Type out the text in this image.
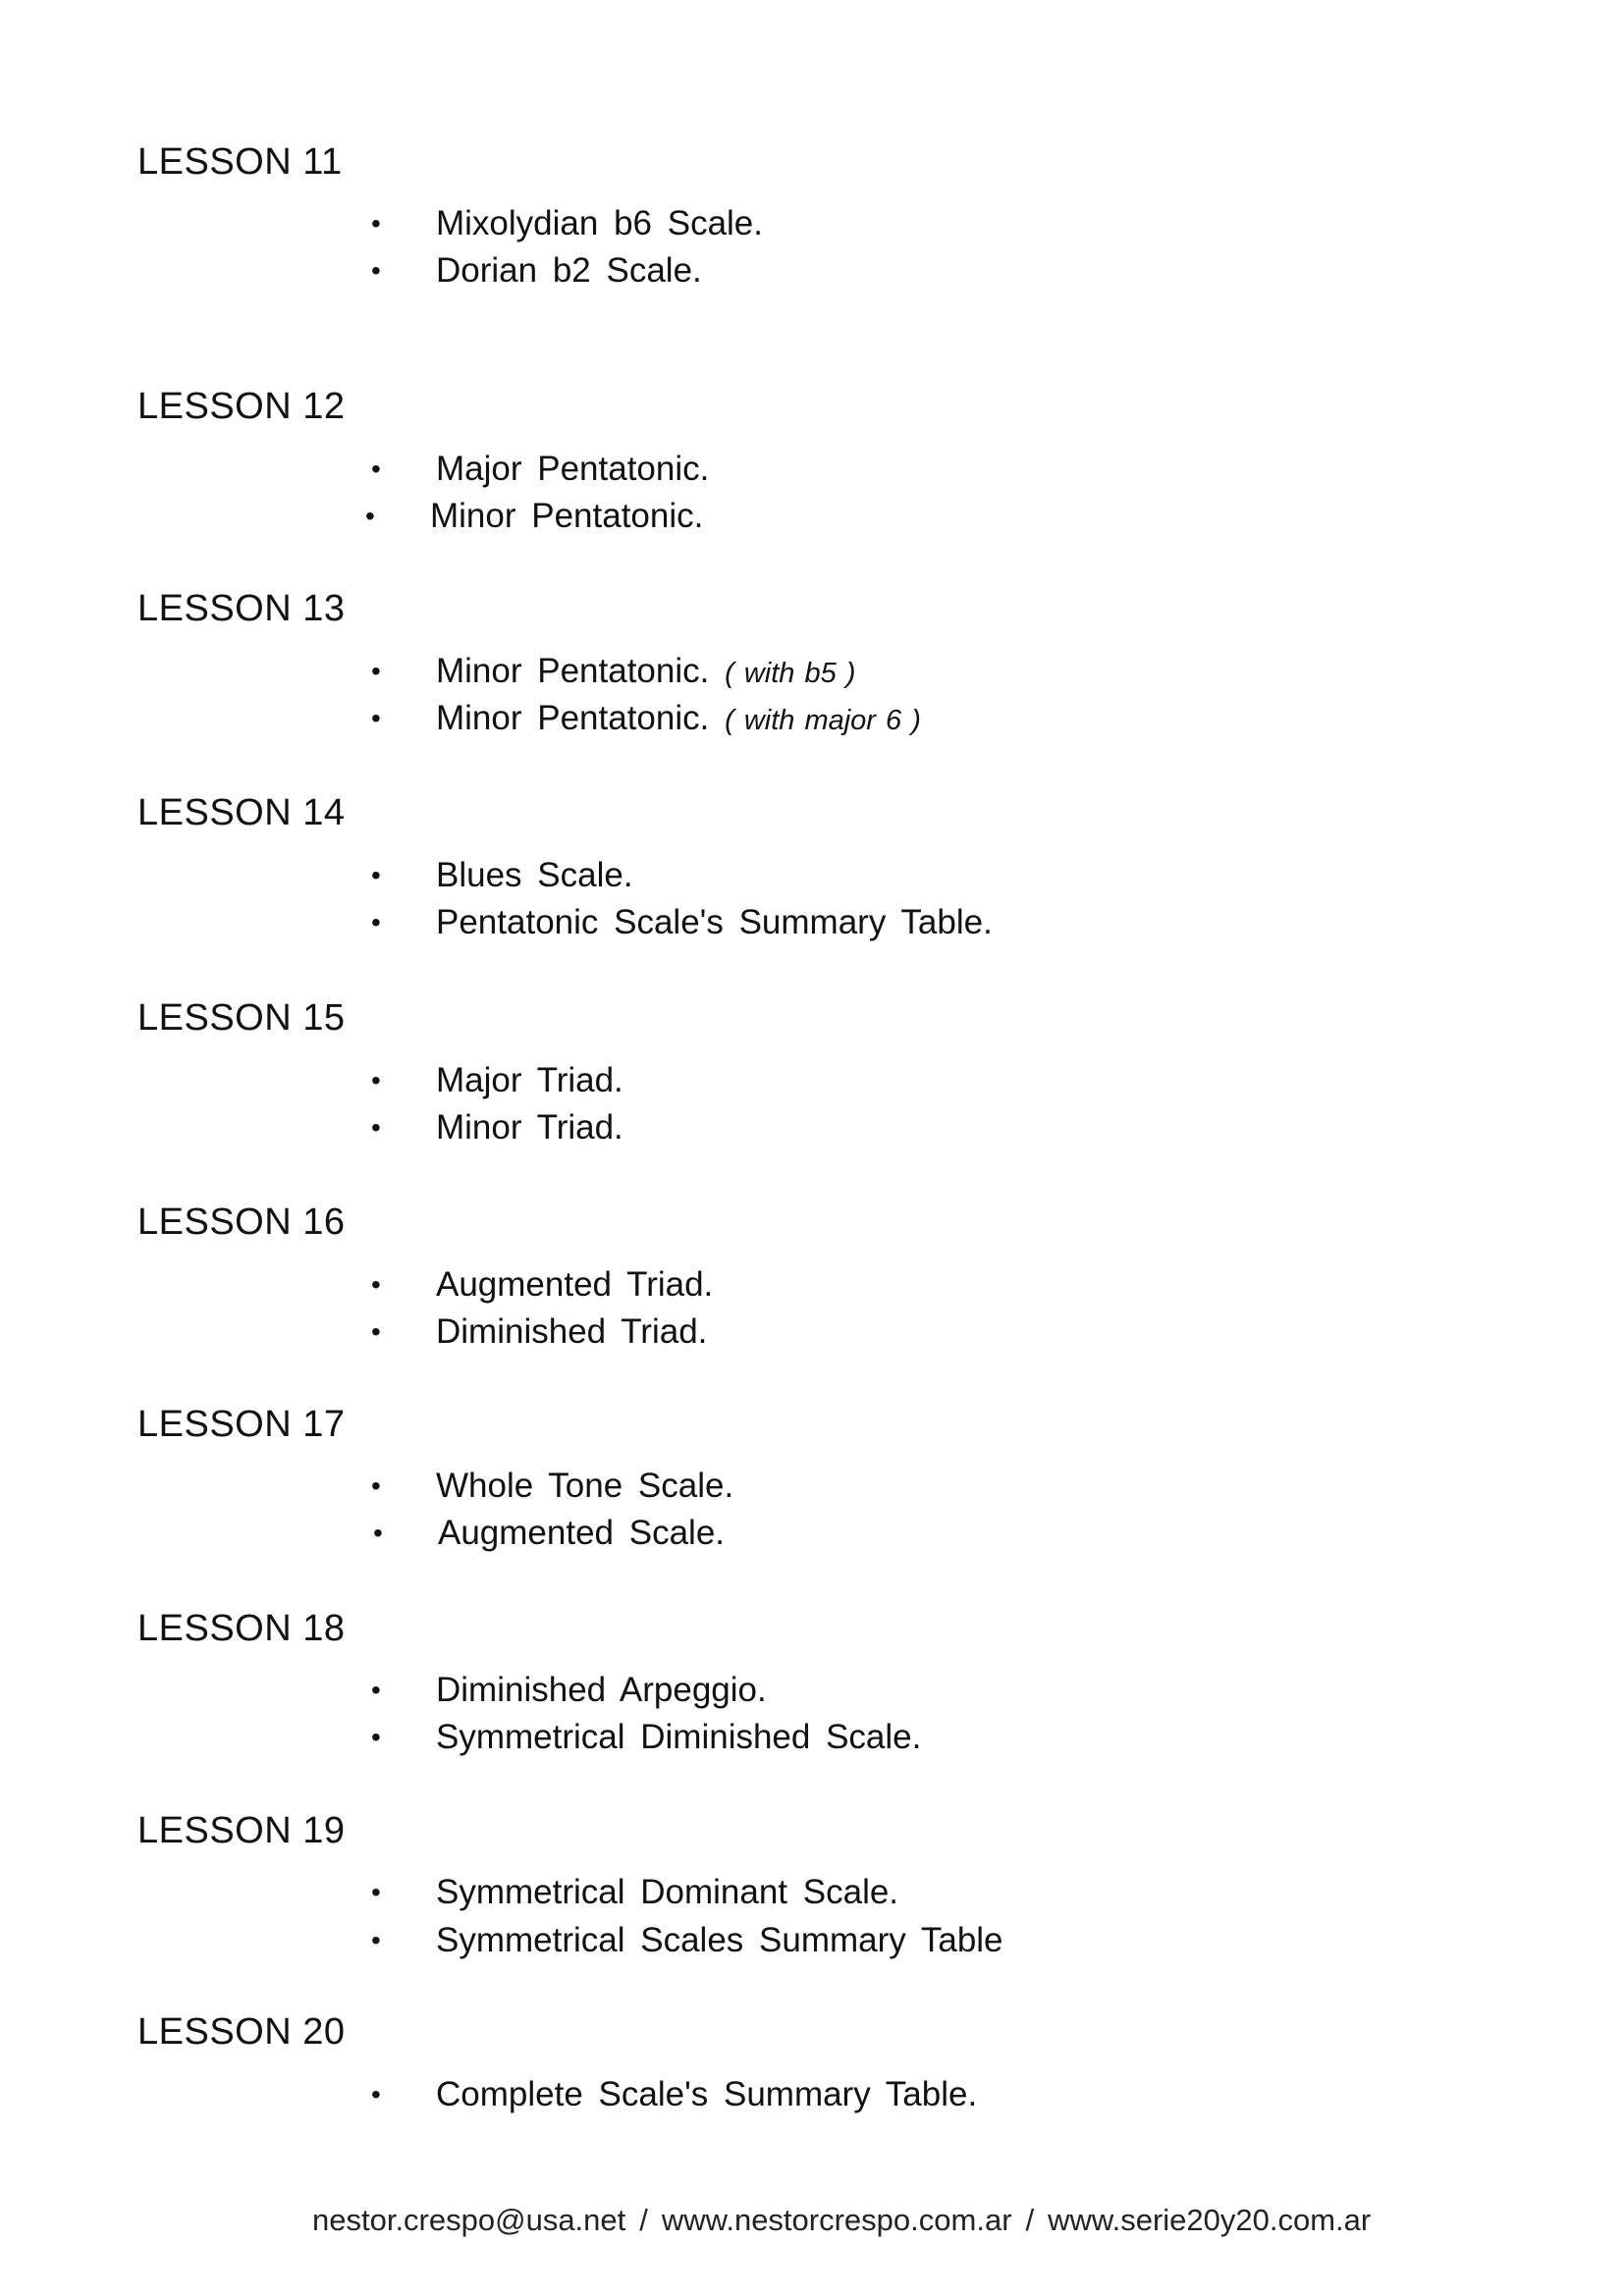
LESSON 11
• Mixolydian b6 Scale.
• Dorian b2 Scale.
LESSON 12
• Major Pentatonic.
• Minor Pentatonic.
LESSON 13
• Minor Pentatonic. ( with b5 )
• Minor Pentatonic. ( with major 6 )
LESSON 14
• Blues Scale.
• Pentatonic Scale's Summary Table.
LESSON 15
• Major Triad.
• Minor Triad.
LESSON 16
• Augmented Triad.
• Diminished Triad.
LESSON 17
• Whole Tone Scale.
• Augmented Scale.
LESSON 18
• Diminished Arpeggio.
• Symmetrical Diminished Scale.
LESSON 19
• Symmetrical Dominant Scale.
• Symmetrical Scales Summary Table
LESSON 20
• Complete Scale's Summary Table.
nestor.crespo@usa.net / www.nestorcrespo.com.ar / www.serie20y20.com.ar
